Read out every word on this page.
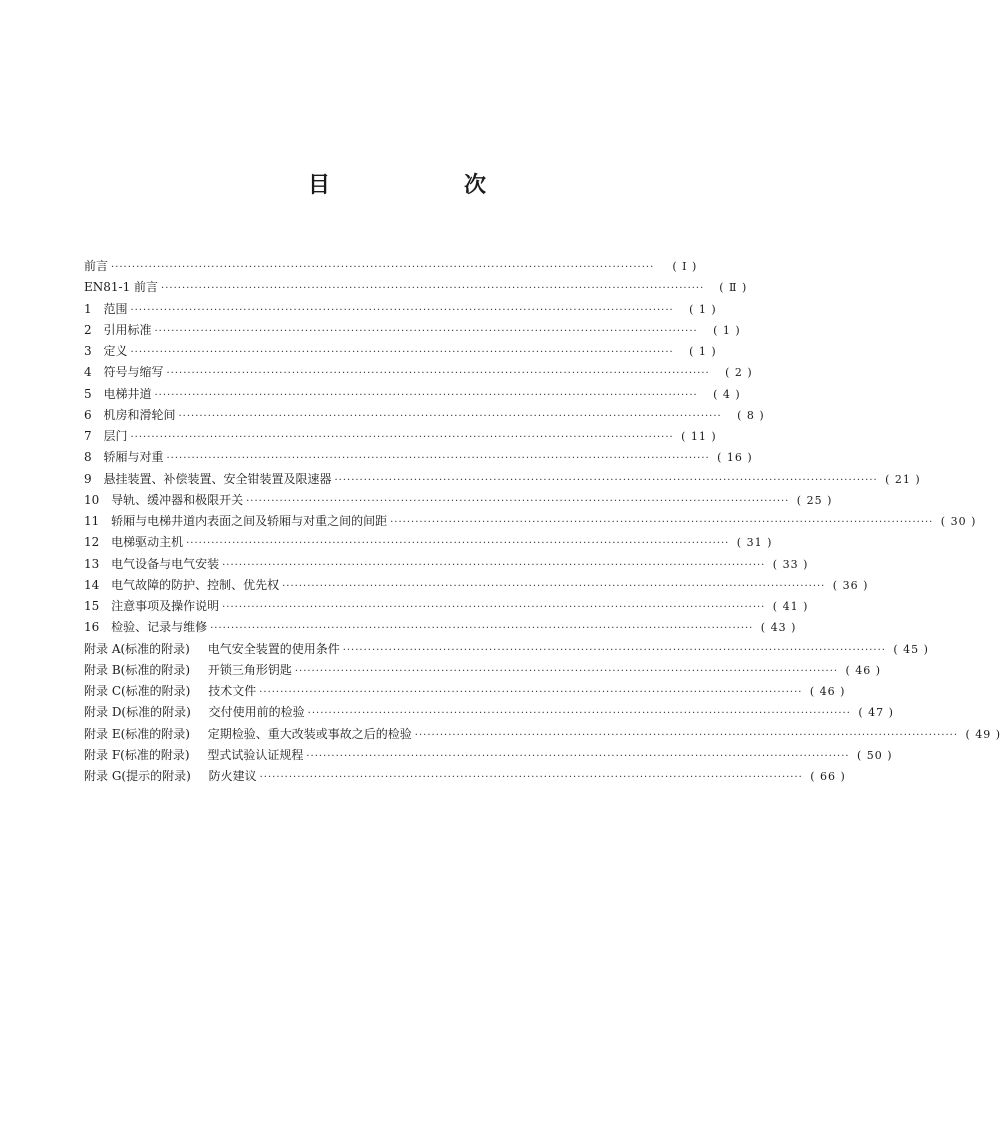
目　次
前言 ··································································································································	( Ⅰ )
EN81-1 前言 ··································································································································	( Ⅱ )
1 范围 ··································································································································	( 1 )
2 引用标准 ··································································································································	( 1 )
3 定义 ··································································································································	( 1 )
4 符号与缩写 ··································································································································	( 2 )
5 电梯井道 ··································································································································	( 4 )
6 机房和滑轮间 ··································································································································	( 8 )
7 层门 ·································································································································· ( 11 )
8 轿厢与对重 ·································································································································· ( 16 )
9 悬挂装置、补偿装置、安全钳装置及限速器 ·································································································································· ( 21 )
10 导轨、缓冲器和极限开关 ·································································································································· ( 25 )
11 轿厢与电梯井道内表面之间及轿厢与对重之间的间距 ·································································································································· ( 30 )
12 电梯驱动主机 ·································································································································· ( 31 )
13 电气设备与电气安装 ·································································································································· ( 33 )
14 电气故障的防护、控制、优先权 ·································································································································· ( 36 )
15 注意事项及操作说明 ·································································································································· ( 41 )
16 检验、记录与维修 ·································································································································· ( 43 )
附录 A(标准的附录) 电气安全装置的使用条件 ·································································································································· ( 45 )
附录 B(标准的附录) 开锁三角形钥匙 ·································································································································· ( 46 )
附录 C(标准的附录) 技术文件 ·································································································································· ( 46 )
附录 D(标准的附录) 交付使用前的检验 ·································································································································· ( 47 )
附录 E(标准的附录) 定期检验、重大改装或事故之后的检验 ·································································································································· ( 49 )
附录 F(标准的附录) 型式试验认证规程 ·································································································································· ( 50 )
附录 G(提示的附录) 防火建议 ·································································································································· ( 66 )
